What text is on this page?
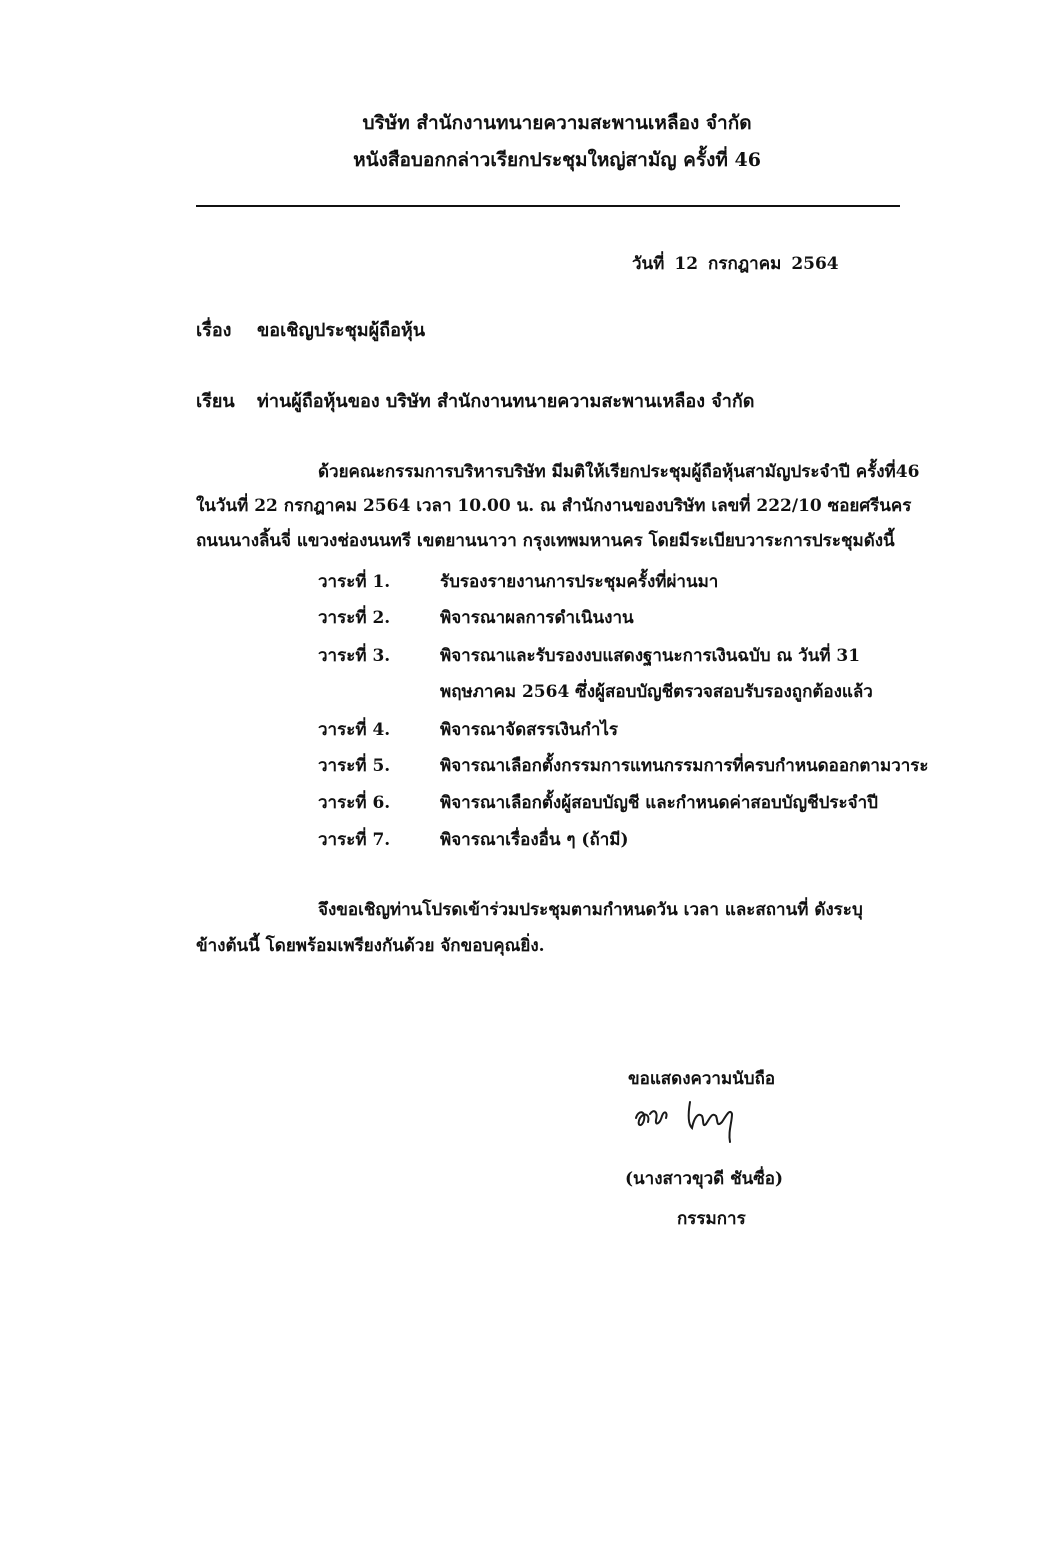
บริษัท สำนักงานทนายความสะพานเหลือง จำกัด
หนังสือบอกกล่าวเรียกประชุมใหญ่สามัญ ครั้งที่ 46
วันที่ 12 กรกฎาคม 2564
เรื่อง ขอเชิญประชุมผู้ถือหุ้น
เรียน ท่านผู้ถือหุ้นของ บริษัท สำนักงานทนายความสะพานเหลือง จำกัด
ด้วยคณะกรรมการบริหารบริษัท มีมติให้เรียกประชุมผู้ถือหุ้นสามัญประจำปี ครั้งที่46
ในวันที่ 22 กรกฎาคม 2564 เวลา 10.00 น. ณ สำนักงานของบริษัท เลขที่ 222/10 ซอยศรีนคร
ถนนนางลิ้นจี่ แขวงช่องนนทรี เขตยานนาวา กรุงเทพมหานคร โดยมีระเบียบวาระการประชุมดังนี้
วาระที่ 1.	รับรองรายงานการประชุมครั้งที่ผ่านมา
วาระที่ 2.	พิจารณาผลการดำเนินงาน
วาระที่ 3.	พิจารณาและรับรองงบแสดงฐานะการเงินฉบับ ณ วันที่ 31
พฤษภาคม 2564 ซึ่งผู้สอบบัญชีตรวจสอบรับรองถูกต้องแล้ว
วาระที่ 4.	พิจารณาจัดสรรเงินกำไร
วาระที่ 5.	พิจารณาเลือกตั้งกรรมการแทนกรรมการที่ครบกำหนดออกตามวาระ
วาระที่ 6.	พิจารณาเลือกตั้งผู้สอบบัญชี และกำหนดค่าสอบบัญชีประจำปี
วาระที่ 7.	พิจารณาเรื่องอื่น ๆ (ถ้ามี)
จึงขอเชิญท่านโปรดเข้าร่วมประชุมตามกำหนดวัน เวลา และสถานที่ ดังระบุ
ข้างต้นนี้ โดยพร้อมเพรียงกันด้วย จักขอบคุณยิ่ง.
ขอแสดงความนับถือ
(นางสาวขุวดี ชันซื่อ)
กรรมการ
